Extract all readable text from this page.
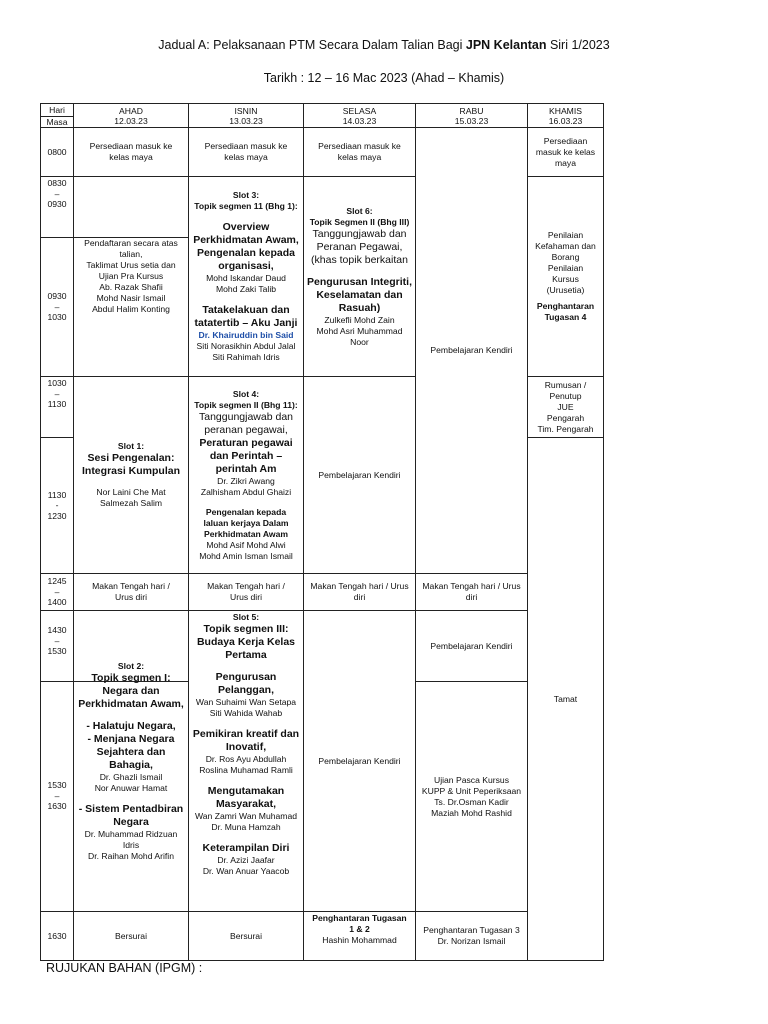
Jadual A: Pelaksanaan PTM Secara Dalam Talian Bagi JPN Kelantan Siri 1/2023
Tarikh : 12 – 16 Mac 2023 (Ahad – Khamis)
Hari
Masa
AHAD
12.03.23
ISNIN
13.03.23
SELASA
14.03.23
RABU
15.03.23
KHAMIS
16.03.23
0800
0830
–
0930
0930
–
1030
1030
–
1130
1130
-
1230
1245
–
1400
1430
–
1530
1530
–
1630
1630
Persediaan masuk ke kelas maya
Persediaan masuk ke kelas maya
Persediaan masuk ke kelas maya
Persediaan masuk ke kelas maya
Pendaftaran secara atas talian,
Taklimat Urus setia dan
Ujian Pra Kursus
Ab. Razak Shafii
Mohd Nasir Ismail
Abdul Halim Konting
Slot 3:
Topik segmen 11 (Bhg 1):
Overview
Perkhidmatan Awam,
Pengenalan kepada
organisasi,
Mohd Iskandar Daud
Mohd Zaki Talib
Tatakelakuan dan
tatatertib – Aku Janji
Dr. Khairuddin bin Said
Siti Norasikhin Abdul Jalal
Siti Rahimah Idris
Slot 6:
Topik Segmen II (Bhg III)
Tanggungjawab dan
Peranan Pegawai,
(khas topik berkaitan
Pengurusan Integriti,
Keselamatan dan
Rasuah)
Zulkefli Mohd Zain
Mohd Asri Muhammad
Noor
Pembelajaran Kendiri
Penilaian
Kefahaman dan
Borang
Penilaian
Kursus
(Urusetia)
Penghantaran
Tugasan 4
Slot 1:
Sesi Pengenalan:
Integrasi Kumpulan
Nor Laini Che Mat
Salmezah Salim
Slot 4:
Topik segmen II (Bhg 11):
Tanggungjawab dan
peranan pegawai,
Peraturan pegawai
dan Perintah –
perintah Am
Dr. Zikri Awang
Zalhisham Abdul Ghaizi
Pengenalan kepada
laluan kerjaya Dalam
Perkhidmatan Awam
Mohd Asif Mohd Alwi
Mohd Amin Isman Ismail
Pembelajaran Kendiri
Rumusan /
Penutup
JUE
Pengarah
Tim. Pengarah
Makan Tengah hari / Urus diri
Makan Tengah hari / Urus diri
Makan Tengah hari / Urus diri
Makan Tengah hari / Urus diri
Slot 2:
Topik segmen I:
Negara dan
Perkhidmatan Awam,
- Halatuju Negara,
- Menjana Negara
Sejahtera dan
Bahagia,
Dr. Ghazli Ismail
Nor Anuwar Hamat
- Sistem Pentadbiran
Negara
Dr. Muhammad Ridzuan
Idris
Dr. Raihan Mohd Arifin
Slot 5:
Topik segmen III:
Budaya Kerja Kelas
Pertama
Pengurusan
Pelanggan,
Wan Suhaimi Wan Setapa
Siti Wahida Wahab
Pemikiran kreatif dan
Inovatif,
Dr. Ros Ayu Abdullah
Roslina Muhamad Ramli
Mengutamakan
Masyarakat,
Wan Zamri Wan Muhamad
Dr. Muna Hamzah
Keterampilan Diri
Dr. Azizi Jaafar
Dr. Wan Anuar Yaacob
Pembelajaran Kendiri
Pembelajaran Kendiri
Ujian Pasca Kursus
KUPP & Unit Peperiksaan
Ts. Dr.Osman Kadir
Maziah Mohd Rashid
Tamat
Bersurai	Bersurai
Penghantaran Tugasan
1 & 2
Hashin Mohammad
Penghantaran Tugasan 3
Dr. Norizan Ismail
RUJUKAN BAHAN (IPGM) :
